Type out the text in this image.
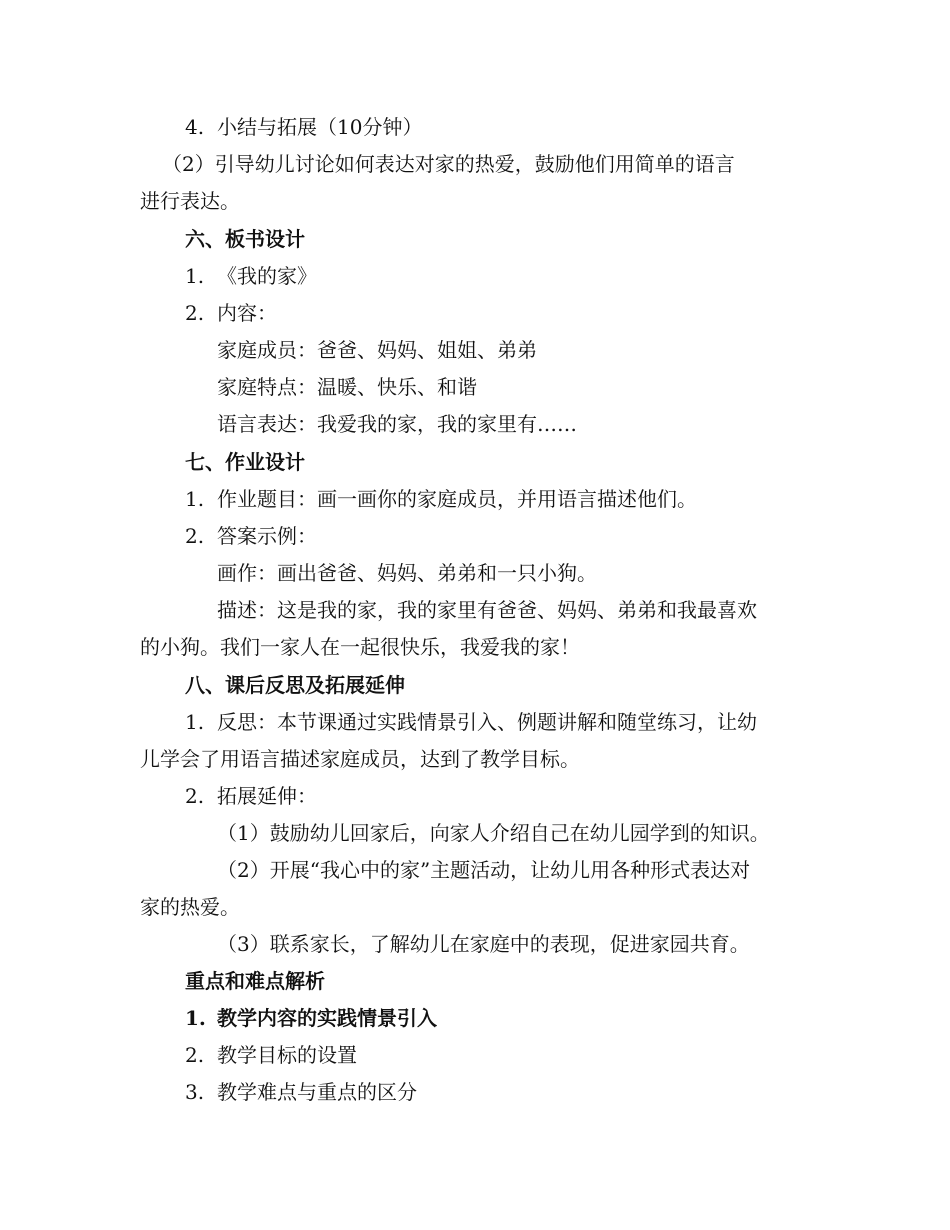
4. 小结与拓展（10分钟）
（2）引导幼儿讨论如何表达对家的热爱，鼓励他们用简单的语言
进行表达。
六、板书设计
1. 《我的家》
2. 内容：
家庭成员：爸爸、妈妈、姐姐、弟弟
家庭特点：温暖、快乐、和谐
语言表达：我爱我的家，我的家里有……
七、作业设计
1. 作业题目：画一画你的家庭成员，并用语言描述他们。
2. 答案示例：
画作：画出爸爸、妈妈、弟弟和一只小狗。
描述：这是我的家，我的家里有爸爸、妈妈、弟弟和我最喜欢
的小狗。我们一家人在一起很快乐，我爱我的家！
八、课后反思及拓展延伸
1. 反思：本节课通过实践情景引入、例题讲解和随堂练习，让幼
儿学会了用语言描述家庭成员，达到了教学目标。
2. 拓展延伸：
（1）鼓励幼儿回家后，向家人介绍自己在幼儿园学到的知识。
（2）开展“我心中的家”主题活动，让幼儿用各种形式表达对
家的热爱。
（3）联系家长，了解幼儿在家庭中的表现，促进家园共育。
重点和难点解析
1. 教学内容的实践情景引入
2. 教学目标的设置
3. 教学难点与重点的区分
